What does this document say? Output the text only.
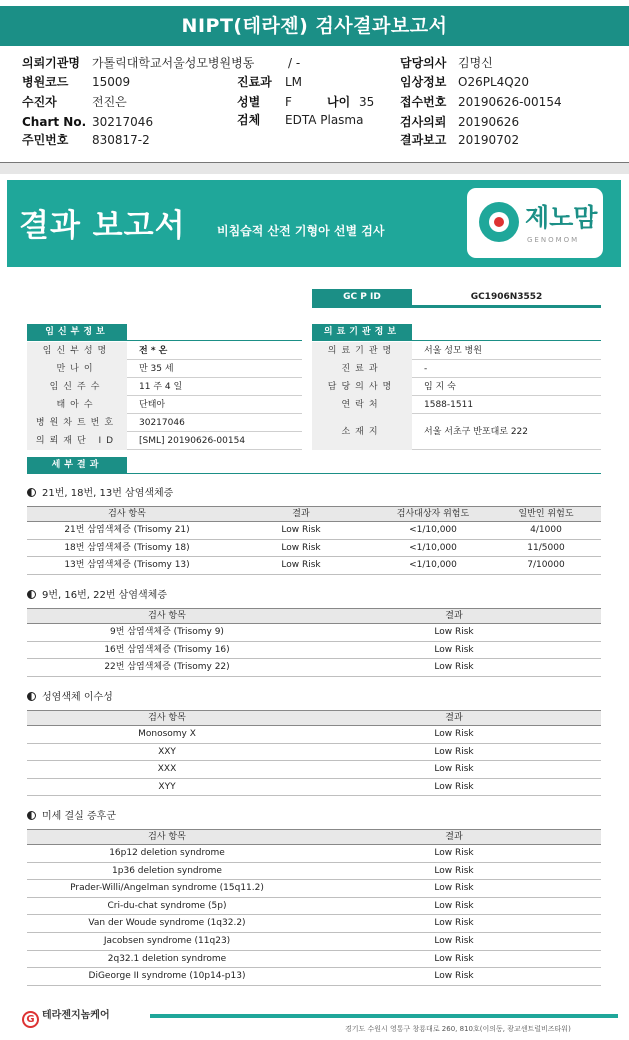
NIPT(테라젠) 검사결과보고서
의뢰기관명 가톨릭대학교서울성모병원병동	/ -	담당의사 김명신
병원코드 15009	진료과 LM	임상정보 O26PL4Q20
수진자	전진은	성별 F	나이 35 접수번호 20190626-00154
Chart No. 30217046	검체 EDTA Plasma	검사의뢰 20190626
주민번호 830817-2	결과보고 20190702
결과 보고서	비침습적 산전 기형아 선별 검사	제노맘
GENOMOM
GC P ID	GC1906N3552
임신부정보
임신부성명	전 * 온
만나이	만 35 세
임신주수	11 주 4 일
태아수	단태아
병원차트번호	30217046
의뢰재단 ID	[SML] 20190626-00154
의료기관정보
의료기관명	서울 성모 병원
진료과	-
담당의사명	임 지 숙
연락처	1588-1511
소재지	서울 서초구 반포대로 222
세부결과
21번, 18번, 13번 삼염색체증
검사 항목	결과	검사대상자 위험도	일반인 위험도
21번 삼염색체증 (Trisomy 21)	Low Risk	<1/10,000	4/1000
18번 삼염색체증 (Trisomy 18)	Low Risk	<1/10,000	11/5000
13번 삼염색체증 (Trisomy 13)	Low Risk	<1/10,000	7/10000
9번, 16번, 22번 삼염색체증
검사 항목	결과
9번 삼염색체증 (Trisomy 9)	Low Risk
16번 삼염색체증 (Trisomy 16)	Low Risk
22번 삼염색체증 (Trisomy 22)	Low Risk
성염색체 이수성
검사 항목	결과
Monosomy X	Low Risk
XXY	Low Risk
XXX	Low Risk
XYY	Low Risk
미세 결실 증후군
검사 항목	결과
16p12 deletion syndrome	Low Risk
1p36 deletion syndrome	Low Risk
Prader-Willi/Angelman syndrome (15q11.2)	Low Risk
Cri-du-chat syndrome (5p)	Low Risk
Van der Woude syndrome (1q32.2)	Low Risk
Jacobsen syndrome (11q23)	Low Risk
2q32.1 deletion syndrome	Low Risk
DiGeorge II syndrome (10p14-p13)	Low Risk
G 테라젠지놈케어
경기도 수원시 영통구 창룡대로 260, 810호(이의동, 광교센트럴비즈타워)
